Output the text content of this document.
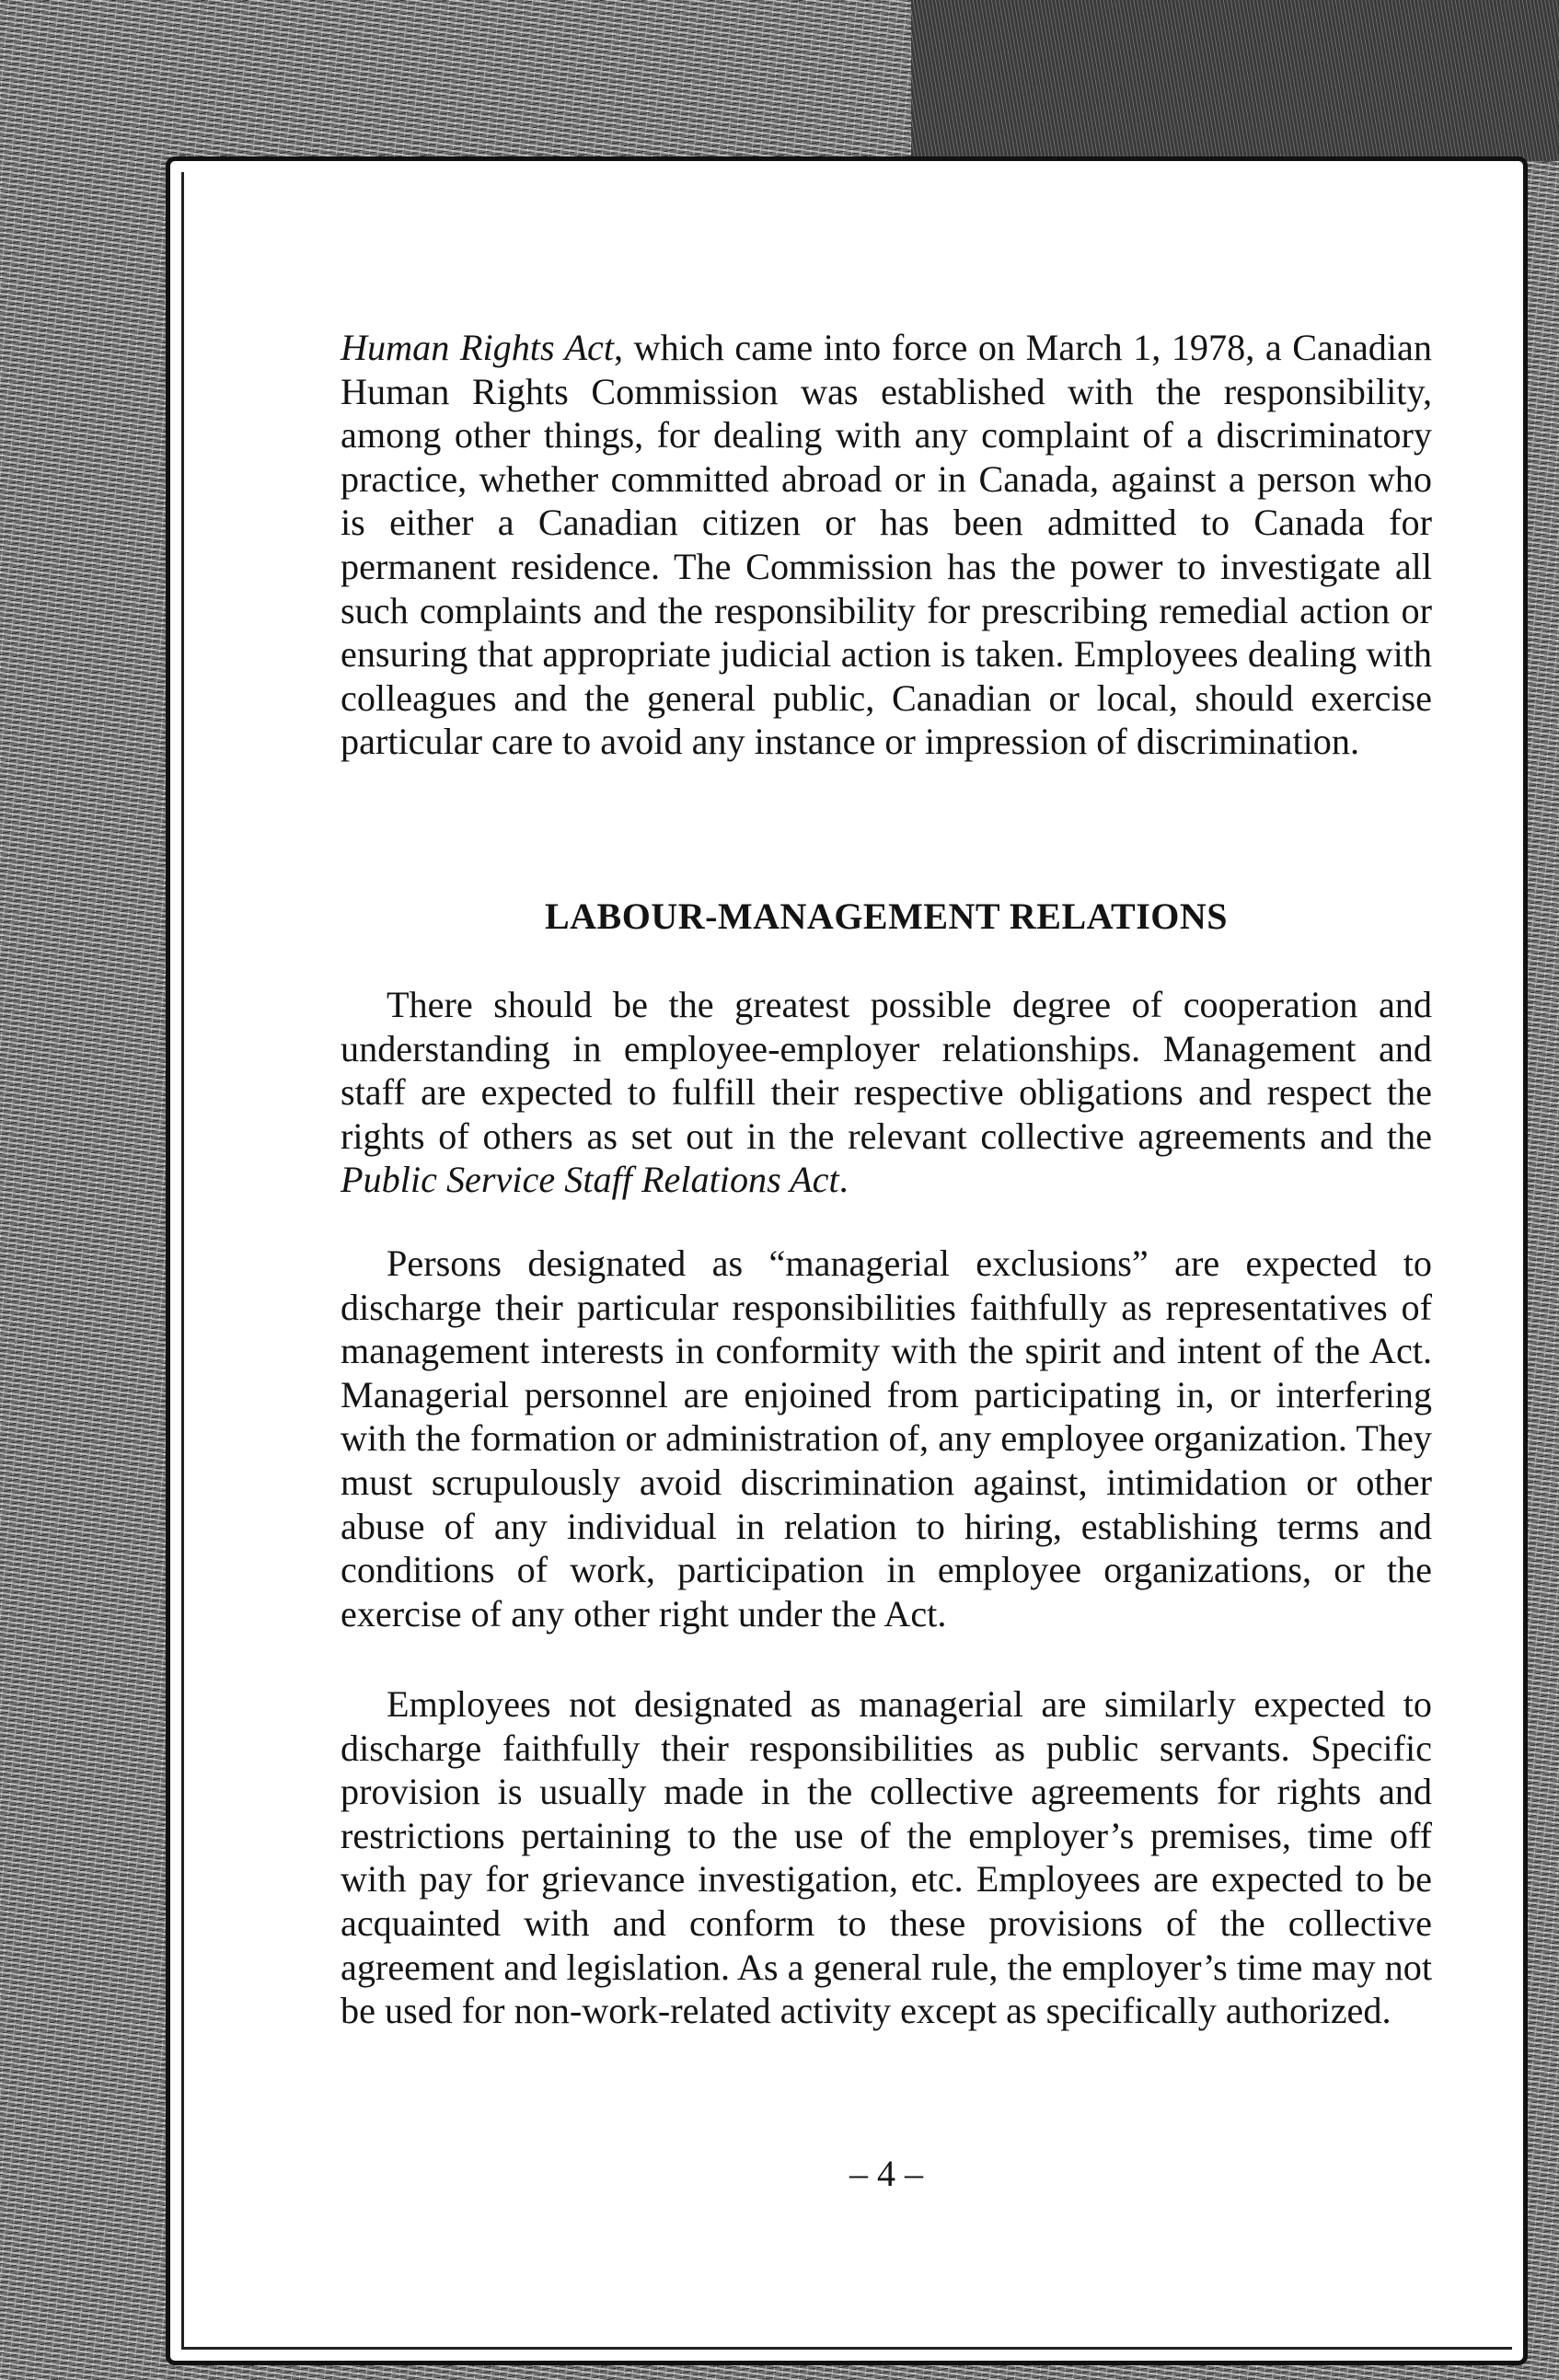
Human Rights Act, which came into force on March 1, 1978, a Canadian Human Rights Commission was established with the responsibility, among other things, for dealing with any complaint of a discriminatory practice, whether committed abroad or in Canada, against a person who is either a Canadian citizen or has been admitted to Canada for permanent residence. The Commission has the power to investigate all such complaints and the responsibility for prescribing remedial action or ensuring that appropriate judicial action is taken. Employees dealing with colleagues and the general public, Canadian or local, should exercise particular care to avoid any instance or impression of discrimination.

LABOUR-MANAGEMENT RELATIONS

There should be the greatest possible degree of cooperation and understanding in employee-employer relationships. Management and staff are expected to fulfill their respective obligations and respect the rights of others as set out in the relevant collective agreements and the Public Service Staff Relations Act.

Persons designated as “managerial exclusions” are expected to discharge their particular responsibilities faithfully as representatives of management interests in conformity with the spirit and intent of the Act. Managerial personnel are enjoined from participating in, or interfering with the formation or administration of, any employee organization. They must scrupulously avoid discrimination against, intimidation or other abuse of any individual in relation to hiring, establishing terms and conditions of work, participation in employee organizations, or the exercise of any other right under the Act.

Employees not designated as managerial are similarly expected to discharge faithfully their responsibilities as public servants. Specific provision is usually made in the collective agreements for rights and restrictions pertaining to the use of the employer’s premises, time off with pay for grievance investigation, etc. Employees are expected to be acquainted with and conform to these provisions of the collective agreement and legislation. As a general rule, the employer’s time may not be used for non-work-related activity except as specifically authorized.

– 4 –
